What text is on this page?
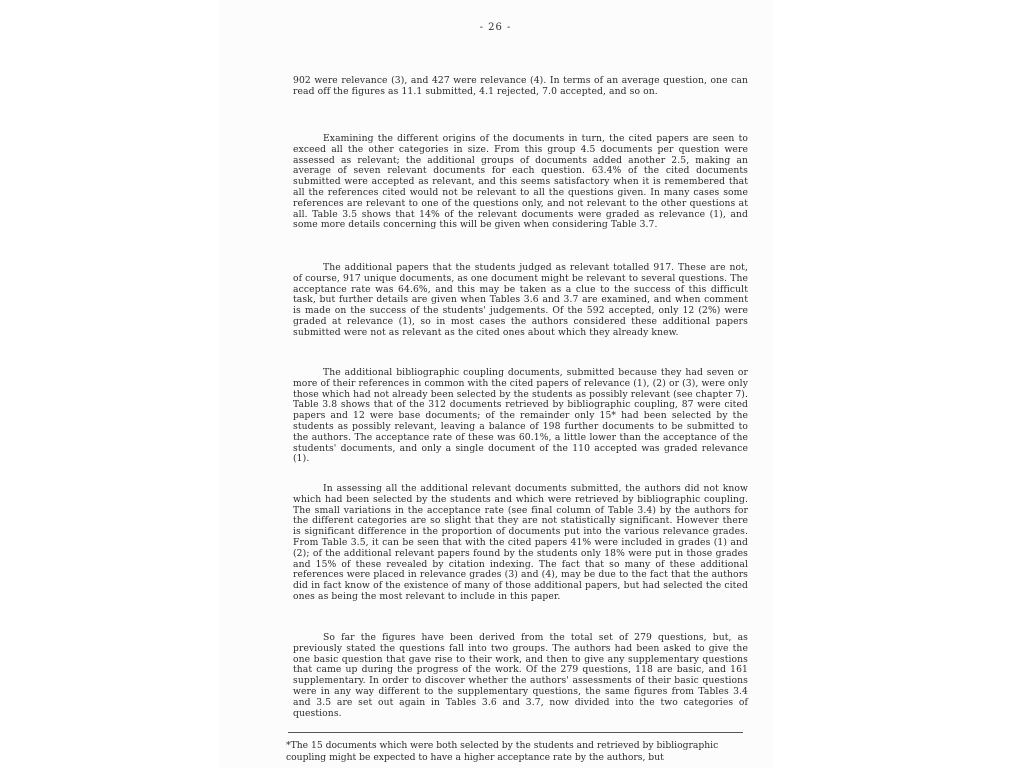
- 26 -

902 were relevance (3), and 427 were relevance (4). In terms of an average question, one can read off the figures as 11.1 submitted, 4.1 rejected, 7.0 accepted, and so on.

Examining the different origins of the documents in turn, the cited papers are seen to exceed all the other categories in size. From this group 4.5 documents per question were assessed as relevant; the additional groups of documents added another 2.5, making an average of seven relevant documents for each question. 63.4% of the cited documents submitted were accepted as relevant, and this seems satisfactory when it is remembered that all the references cited would not be relevant to all the questions given. In many cases some references are relevant to one of the questions only, and not relevant to the other questions at all. Table 3.5 shows that 14% of the relevant documents were graded as relevance (1), and some more details concerning this will be given when considering Table 3.7.

The additional papers that the students judged as relevant totalled 917. These are not, of course, 917 unique documents, as one document might be relevant to several questions. The acceptance rate was 64.6%, and this may be taken as a clue to the success of this difficult task, but further details are given when Tables 3.6 and 3.7 are examined, and when comment is made on the success of the students' judgements. Of the 592 accepted, only 12 (2%) were graded at relevance (1), so in most cases the authors considered these additional papers submitted were not as relevant as the cited ones about which they already knew.

The additional bibliographic coupling documents, submitted because they had seven or more of their references in common with the cited papers of relevance (1), (2) or (3), were only those which had not already been selected by the students as possibly relevant (see chapter 7). Table 3.8 shows that of the 312 documents retrieved by bibliographic coupling, 87 were cited papers and 12 were base documents; of the remainder only 15* had been selected by the students as possibly relevant, leaving a balance of 198 further documents to be submitted to the authors. The acceptance rate of these was 60.1%, a little lower than the acceptance of the students' documents, and only a single document of the 110 accepted was graded relevance (1).

In assessing all the additional relevant documents submitted, the authors did not know which had been selected by the students and which were retrieved by bibliographic coupling. The small variations in the acceptance rate (see final column of Table 3.4) by the authors for the different categories are so slight that they are not statistically significant. However there is significant difference in the proportion of documents put into the various relevance grades. From Table 3.5, it can be seen that with the cited papers 41% were included in grades (1) and (2); of the additional relevant papers found by the students only 18% were put in those grades and 15% of these revealed by citation indexing. The fact that so many of these additional references were placed in relevance grades (3) and (4), may be due to the fact that the authors did in fact know of the existence of many of those additional papers, but had selected the cited ones as being the most relevant to include in this paper.

So far the figures have been derived from the total set of 279 questions, but, as previously stated the questions fall into two groups. The authors had been asked to give the one basic question that gave rise to their work, and then to give any supplementary questions that came up during the progress of the work. Of the 279 questions, 118 are basic, and 161 supplementary. In order to discover whether the authors' assessments of their basic questions were in any way different to the supplementary questions, the same figures from Tables 3.4 and 3.5 are set out again in Tables 3.6 and 3.7, now divided into the two categories of questions.

*The 15 documents which were both selected by the students and retrieved by bibliographic coupling might be expected to have a higher acceptance rate by the authors, but
